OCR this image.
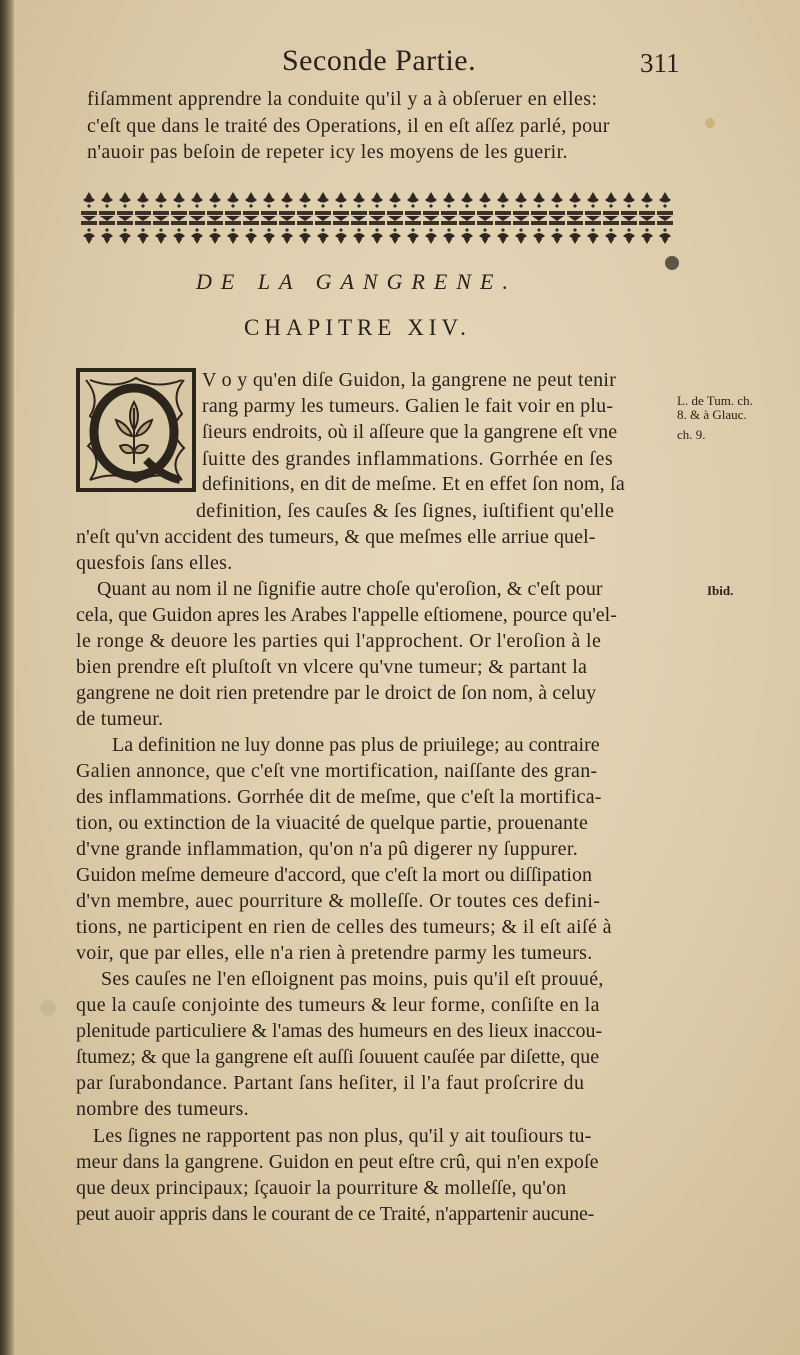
Seconde Partie.	311
fiſamment apprendre la conduite qu'il y a à obſeruer en elles:
c'eſt que dans le traité des Operations, il en eſt aſſez parlé, pour
n'auoir pas beſoin de repeter icy les moyens de les guerir.
DE LA GANGRENE.
CHAPITRE XIV.
V o y qu'en diſe Guidon, la gangrene ne peut tenir
rang parmy les tumeurs. Galien le fait voir en plu-
ſieurs endroits, où il aſſeure que la gangrene eſt vne
ſuitte des grandes inflammations. Gorrhée en ſes
definitions, en dit de meſme. Et en effet ſon nom, ſa
definition, ſes cauſes & ſes ſignes, iuſtifient qu'elle
n'eſt qu'vn accident des tumeurs, & que meſmes elle arriue quel-
quesfois ſans elles.
Quant au nom il ne ſignifie autre choſe qu'eroſion, & c'eſt pour
cela, que Guidon apres les Arabes l'appelle eſtiomene, pource qu'el-
le ronge & deuore les parties qui l'approchent. Or l'eroſion à le
bien prendre eſt pluſtoſt vn vlcere qu'vne tumeur; & partant la
gangrene ne doit rien pretendre par le droict de ſon nom, à celuy
de tumeur.
La definition ne luy donne pas plus de priuilege; au contraire
Galien annonce, que c'eſt vne mortification, naiſſante des gran-
des inflammations. Gorrhée dit de meſme, que c'eſt la mortifica-
tion, ou extinction de la viuacité de quelque partie, prouenante
d'vne grande inflammation, qu'on n'a pû digerer ny ſuppurer.
Guidon meſme demeure d'accord, que c'eſt la mort ou diſſipation
d'vn membre, auec pourriture & molleſſe. Or toutes ces defini-
tions, ne participent en rien de celles des tumeurs; & il eſt aiſé à
voir, que par elles, elle n'a rien à pretendre parmy les tumeurs.
Ses cauſes ne l'en eſloignent pas moins, puis qu'il eſt prouué,
que la cauſe conjointe des tumeurs & leur forme, conſiſte en la
plenitude particuliere & l'amas des humeurs en des lieux inaccou-
ſtumez; & que la gangrene eſt auſſi ſouuent cauſée par diſette, que
par ſurabondance. Partant ſans heſiter, il l'a faut proſcrire du
nombre des tumeurs.
Les ſignes ne rapportent pas non plus, qu'il y ait touſiours tu-
meur dans la gangrene. Guidon en peut eſtre crû, qui n'en expoſe
que deux principaux; ſçauoir la pourriture & molleſſe, qu'on
peut auoir appris dans le courant de ce Traité, n'appartenir aucune-
L. de Tum. ch.
8. & à Glauc.
ch. 9.
Ibid.
